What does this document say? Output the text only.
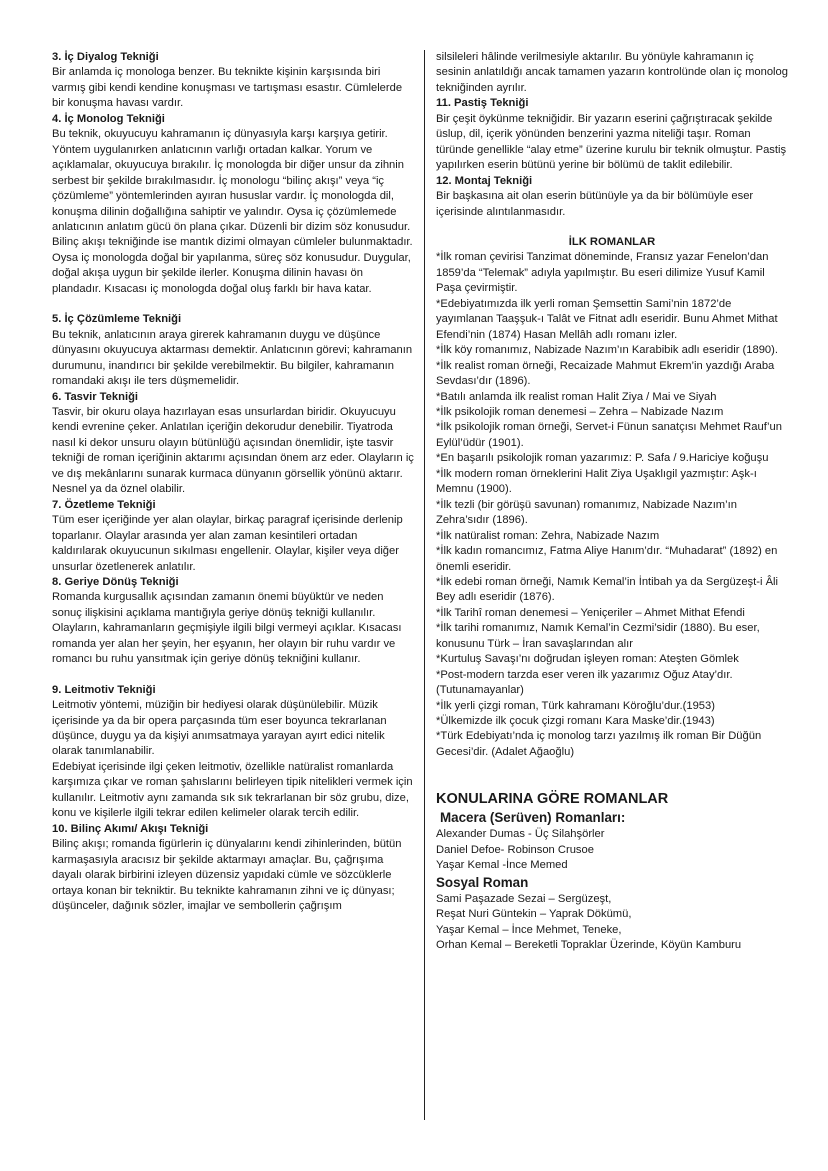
3. İç Diyalog Tekniği

Bir anlamda iç monologa benzer. Bu teknikte kişinin karşısında biri varmış gibi kendi kendine konuşması ve tartışması esastır. Cümlelerde bir konuşma havası vardır.

4. İç Monolog Tekniği

Bu teknik, okuyucuyu kahramanın iç dünyasıyla karşı karşıya getirir. Yöntem uygulanırken anlatıcının varlığı ortadan kalkar. Yorum ve açıklamalar, okuyucuya bırakılır. İç monologda bir diğer unsur da zihnin serbest bir şekilde bırakılmasıdır. İç monologu “bilinç akışı” veya “iç çözümleme” yöntemlerinden ayıran hususlar vardır. İç monologda dil, konuşma dilinin doğallığına sahiptir ve yalındır. Oysa iç çözümlemede anlatıcının anlatım gücü ön plana çıkar. Düzenli bir dizim söz konusudur. Bilinç akışı tekniğinde ise mantık dizimi olmayan cümleler bulunmaktadır. Oysa iç monologda doğal bir yapılanma, süreç söz konusudur. Duygular, doğal akışa uygun bir şekilde ilerler. Konuşma dilinin havası ön plandadır. Kısacası iç monologda doğal oluş farklı bir hava katar.

5. İç Çözümleme Tekniği

Bu teknik, anlatıcının araya girerek kahramanın duygu ve düşünce dünyasını okuyucuya aktarması demektir. Anlatıcının görevi; kahramanın durumunu, inandırıcı bir şekilde verebilmektir. Bu bilgiler, kahramanın romandaki akışı ile ters düşmemelidir.

6. Tasvir Tekniği

Tasvir, bir okuru olaya hazırlayan esas unsurlardan biridir. Okuyucuyu kendi evrenine çeker. Anlatılan içeriğin dekorudur denebilir. Tiyatroda nasıl ki dekor unsuru olayın bütünlüğü açısından önemlidir, işte tasvir tekniği de roman içeriğinin aktarımı açısından önem arz eder. Olayların iç ve dış mekânlarını sunarak kurmaca dünyanın görsellik yönünü aktarır. Nesnel ya da öznel olabilir.

7. Özetleme Tekniği

Tüm eser içeriğinde yer alan olaylar, birkaç paragraf içerisinde derlenip toparlanır. Olaylar arasında yer alan zaman kesintileri ortadan kaldırılarak okuyucunun sıkılması engellenir. Olaylar, kişiler veya diğer unsurlar özetlenerek anlatılır.

8. Geriye Dönüş Tekniği

Romanda kurgusallık açısından zamanın önemi büyüktür ve neden sonuç ilişkisini açıklama mantığıyla geriye dönüş tekniği kullanılır. Olayların, kahramanların geçmişiyle ilgili bilgi vermeyi açıklar. Kısacası romanda yer alan her şeyin, her eşyanın, her olayın bir ruhu vardır ve romancı bu ruhu yansıtmak için geriye dönüş tekniğini kullanır.

9. Leitmotiv Tekniği

Leitmotiv yöntemi, müziğin bir hediyesi olarak düşünülebilir. Müzik içerisinde ya da bir opera parçasında tüm eser boyunca tekrarlanan düşünce, duygu ya da kişiyi anımsatmaya yarayan ayırt edici nitelik olarak tanımlanabilir.

Edebiyat içerisinde ilgi çeken leitmotiv, özellikle natüralist romanlarda karşımıza çıkar ve roman şahıslarını belirleyen tipik nitelikleri vermek için kullanılır. Leitmotiv aynı zamanda sık sık tekrarlanan bir söz grubu, dize, konu ve kişilerle ilgili tekrar edilen kelimeler olarak tercih edilir.

10. Bilinç Akımı/ Akışı Tekniği

Bilinç akışı; romanda figürlerin iç dünyalarını kendi zihinlerinden, bütün karmaşasıyla aracısız bir şekilde aktarmayı amaçlar. Bu, çağrışıma dayalı olarak birbirini izleyen düzensiz yapıdaki cümle ve sözcüklerle ortaya konan bir tekniktir. Bu teknikte kahramanın zihni ve iç dünyası; düşünceler, dağınık sözler, imajlar ve sembollerin çağrışım

silsileleri hâlinde verilmesiyle aktarılır. Bu yönüyle kahramanın iç sesinin anlatıldığı ancak tamamen yazarın kontrolünde olan iç monolog tekniğinden ayrılır.

11. Pastiş Tekniği

Bir çeşit öykünme tekniğidir. Bir yazarın eserini çağrıştıracak şekilde üslup, dil, içerik yönünden benzerini yazma niteliği taşır. Roman türünde genellikle “alay etme” üzerine kurulu bir teknik olmuştur. Pastiş yapılırken eserin bütünü yerine bir bölümü de taklit edilebilir.

12. Montaj Tekniği

Bir başkasına ait olan eserin bütünüyle ya da bir bölümüyle eser içerisinde alıntılanmasıdır.

İLK ROMANLAR

*İlk roman çevirisi Tanzimat döneminde, Fransız yazar Fenelon’dan 1859’da “Telemak” adıyla yapılmıştır. Bu eseri dilimize Yusuf Kamil Paşa çevirmiştir.

*Edebiyatımızda ilk yerli roman Şemsettin Sami’nin 1872’de yayımlanan Taaşşuk-ı Talât ve Fitnat adlı eseridir. Bunu Ahmet Mithat Efendi’nin (1874) Hasan Mellâh adlı romanı izler.

*İlk köy romanımız, Nabizade Nazım’ın Karabibik adlı eseridir (1890).

*İlk realist roman örneği, Recaizade Mahmut Ekrem’in yazdığı Araba Sevdası’dır (1896).

*Batılı anlamda ilk realist roman Halit Ziya / Mai ve Siyah

*İlk psikolojik roman denemesi – Zehra – Nabizade Nazım

*İlk psikolojik roman örneği, Servet-i Fünun sanatçısı Mehmet Rauf’un Eylül’üdür (1901).

*En başarılı psikolojik roman yazarımız: P. Safa / 9.Hariciye koğuşu

*İlk modern roman örneklerini Halit Ziya Uşaklıgil yazmıştır: Aşk-ı Memnu (1900).

*İlk tezli (bir görüşü savunan) romanımız, Nabizade Nazım’ın Zehra’sıdır (1896).

*İlk natüralist roman: Zehra, Nabizade Nazım

*İlk kadın romancımız, Fatma Aliye Hanım’dır. “Muhadarat” (1892) en önemli eseridir.

*İlk edebi roman örneği, Namık Kemal’in İntibah ya da Sergüzeşt-i Âli Bey adlı eseridir (1876).

*İlk Tarihî roman denemesi – Yeniçeriler – Ahmet Mithat Efendi

*İlk tarihi romanımız, Namık Kemal’in Cezmi’sidir (1880). Bu eser, konusunu Türk – İran savaşlarından alır

*Kurtuluş Savaşı’nı doğrudan işleyen roman: Ateşten Gömlek

*Post-modern tarzda eser veren ilk yazarımız Oğuz Atay’dır. (Tutunamayanlar)

*İlk yerli çizgi roman, Türk kahramanı Köroğlu’dur.(1953)

*Ülkemizde ilk çocuk çizgi romanı Kara Maske’dir.(1943)

*Türk Edebiyatı’nda iç monolog tarzı yazılmış ilk roman Bir Düğün Gecesi’dir. (Adalet Ağaoğlu)

KONULARINA GÖRE ROMANLAR
Macera (Serüven) Romanları:

Alexander Dumas - Üç Silahşörler

Daniel Defoe- Robinson Crusoe

Yaşar Kemal -İnce Memed

Sosyal Roman

Sami Paşazade Sezai – Sergüzeşt,

Reşat Nuri Güntekin – Yaprak Dökümü,

Yaşar Kemal – İnce Mehmet, Teneke,

Orhan Kemal – Bereketli Topraklar Üzerinde, Köyün Kamburu
